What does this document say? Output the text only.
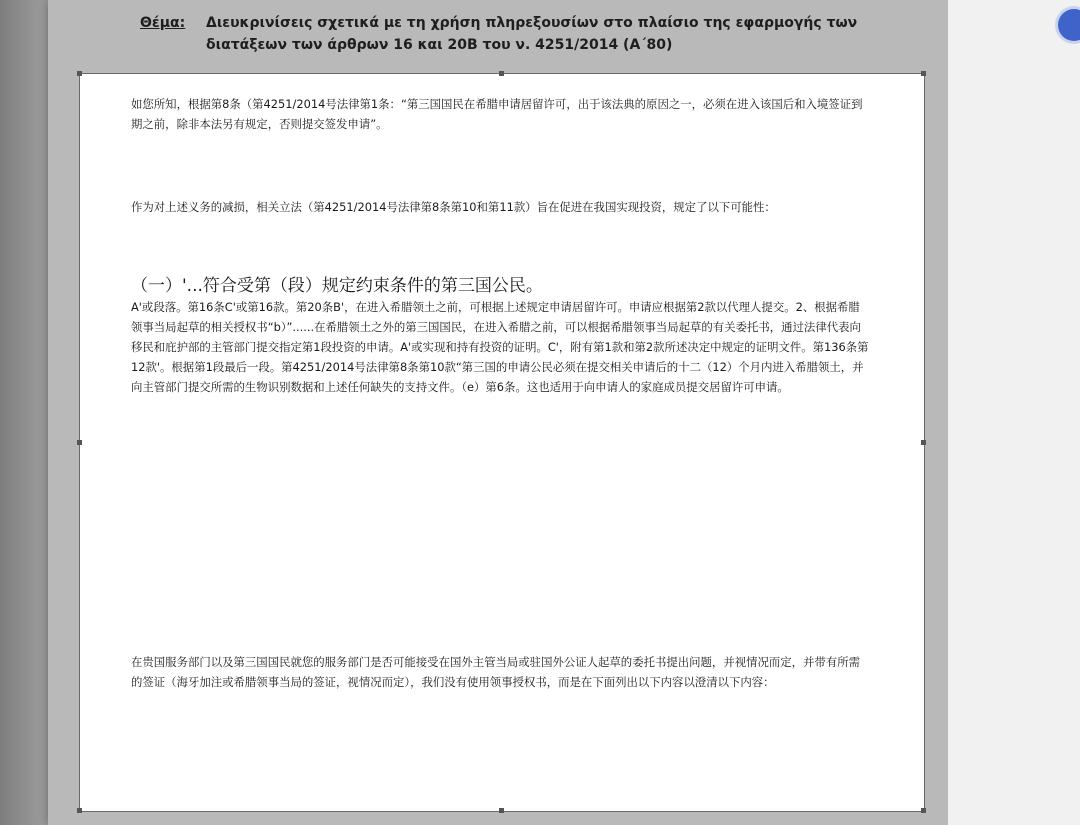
Θέμα: Διευκρινίσεις σχετικά με τη χρήση πληρεξουσίων στο πλαίσιο της εφαρμογής των διατάξεων των άρθρων 16 και 20Β του ν. 4251/2014 (Α΄80)
如您所知，根据第8条（第4251/2014号法律第1条：“第三国国民在希腊申请居留许可，出于该法典的原因之一，必须在进入该国后和入境签证到期之前，除非本法另有规定，否则提交签发申请”。
作为对上述义务的减损，相关立法（第4251/2014号法律第8条第10和第11款）旨在促进在我国实现投资，规定了以下可能性：
（一）'...符合受第（段）规定约束条件的第三国公民。
A'或段落。第16条C'或第16款。第20条B'，在进入希腊领土之前，可根据上述规定申请居留许可。申请应根据第2款以代理人提交。2、根据希腊领事当局起草的相关授权书“b）”......在希腊领土之外的第三国国民，在进入希腊之前，可以根据希腊领事当局起草的有关委托书，通过法律代表向移民和庇护部的主管部门提交指定第1段投资的申请。A'或实现和持有投资的证明。C'，附有第1款和第2款所述决定中规定的证明文件。第136条第12款'。根据第1段最后一段。第4251/2014号法律第8条第10款“第三国的申请公民必须在提交相关申请后的十二（12）个月内进入希腊领土，并向主管部门提交所需的生物识别数据和上述任何缺失的支持文件。（e）第6条。这也适用于向申请人的家庭成员提交居留许可申请。
在贵国服务部门以及第三国国民就您的服务部门是否可能接受在国外主管当局或驻国外公证人起草的委托书提出问题，并视情况而定，并带有所需的签证（海牙加注或希腊领事当局的签证，视情况而定），我们没有使用领事授权书，而是在下面列出以下内容以澄清以下内容：
